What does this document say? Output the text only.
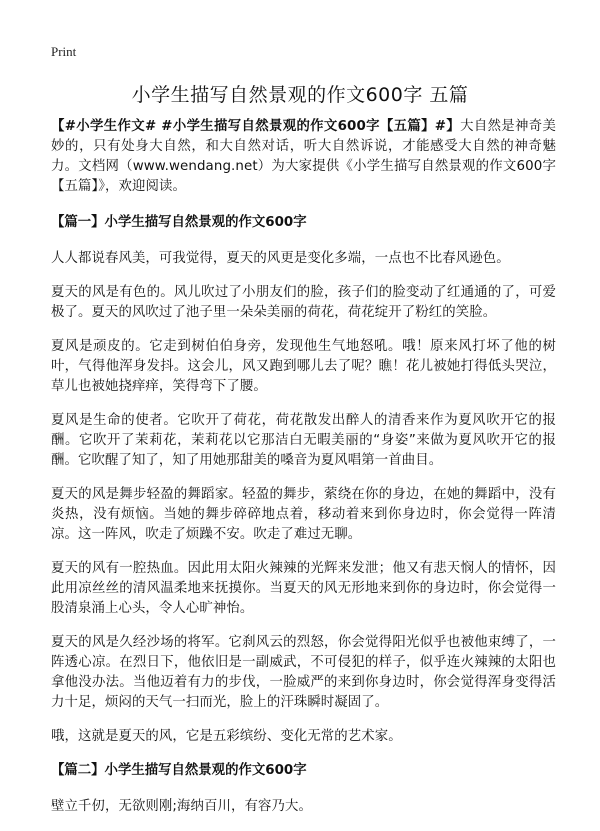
Print
小学生描写自然景观的作文600字 五篇

【#小学生作文# #小学生描写自然景观的作文600字【五篇】#】大自然是神奇美妙的，只有处身大自然，和大自然对话，听大自然诉说，才能感受大自然的神奇魅力。文档网（www.wendang.net）为大家提供《小学生描写自然景观的作文600字【五篇】》，欢迎阅读。

【篇一】小学生描写自然景观的作文600字

人人都说春风美，可我觉得，夏天的风更是变化多端，一点也不比春风逊色。

夏天的风是有色的。风儿吹过了小朋友们的脸，孩子们的脸变动了红通通的了，可爱极了。夏天的风吹过了池子里一朵朵美丽的荷花，荷花绽开了粉红的笑脸。

夏风是顽皮的。它走到树伯伯身旁，发现他生气地怒吼。哦！原来风打坏了他的树叶，气得他浑身发抖。这会儿，风又跑到哪儿去了呢？瞧！花儿被她打得低头哭泣，草儿也被她挠痒痒，笑得弯下了腰。

夏风是生命的使者。它吹开了荷花，荷花散发出醉人的清香来作为夏风吹开它的报酬。它吹开了茉莉花，茉莉花以它那洁白无暇美丽的“身姿”来做为夏风吹开它的报酬。它吹醒了知了，知了用她那甜美的嗓音为夏风唱第一首曲目。

夏天的风是舞步轻盈的舞蹈家。轻盈的舞步，萦绕在你的身边，在她的舞蹈中，没有炎热，没有烦恼。当她的舞步碎碎地点着，移动着来到你身边时，你会觉得一阵清凉。这一阵风，吹走了烦躁不安。吹走了难过无聊。

夏天的风有一腔热血。因此用太阳火辣辣的光辉来发泄；他又有悲天悯人的情怀，因此用凉丝丝的清风温柔地来抚摸你。当夏天的风无形地来到你的身边时，你会觉得一股清泉涌上心头，令人心旷神怡。

夏天的风是久经沙场的将军。它刹风云的烈怒，你会觉得阳光似乎也被他束缚了，一阵透心凉。在烈日下，他依旧是一副威武，不可侵犯的样子，似乎连火辣辣的太阳也拿他没办法。当他迈着有力的步伐，一脸威严的来到你身边时，你会觉得浑身变得活力十足，烦闷的天气一扫而光，脸上的汗珠瞬时凝固了。

哦，这就是夏天的风，它是五彩缤纷、变化无常的艺术家。

【篇二】小学生描写自然景观的作文600字

壁立千仞，无欲则刚;海纳百川，有容乃大。
